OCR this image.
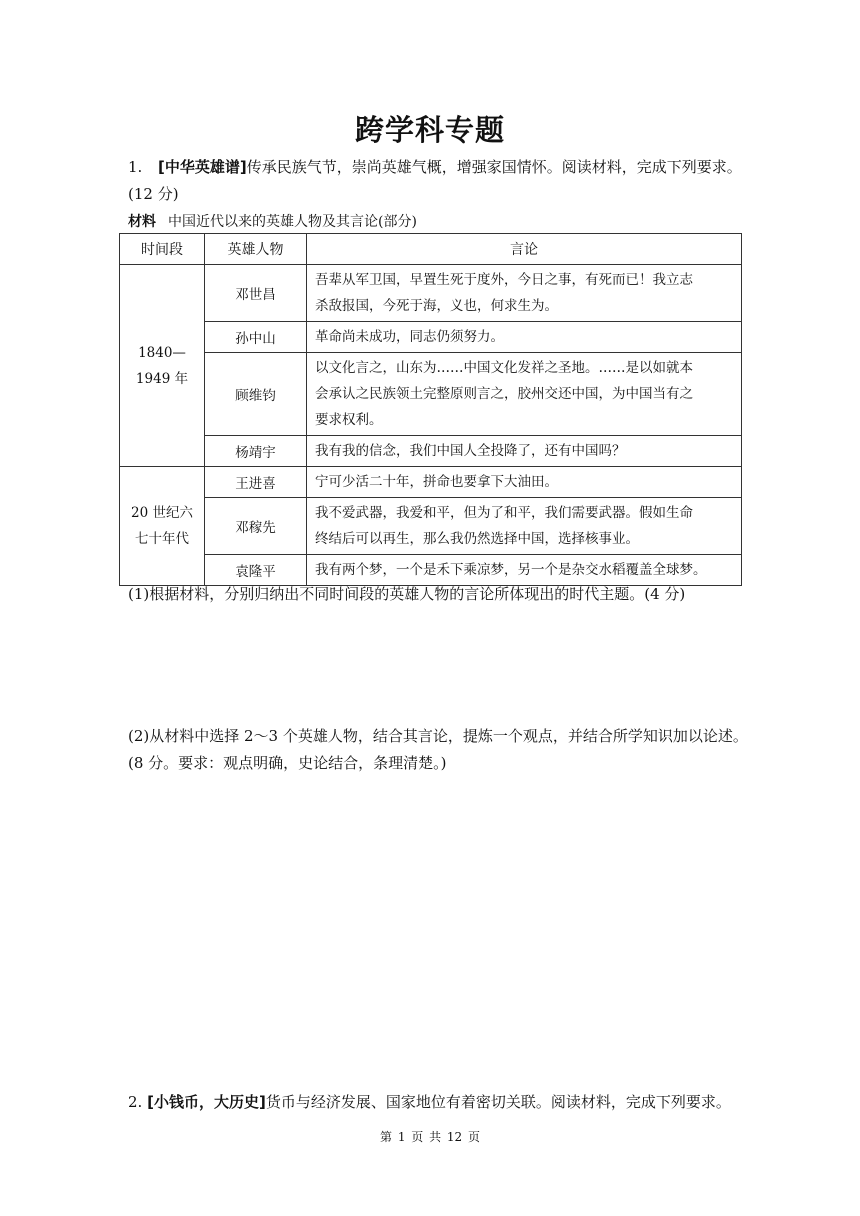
跨学科专题
1. [中华英雄谱]传承民族气节，崇尚英雄气概，增强家国情怀。阅读材料，完成下列要求。
(12 分)
材料 中国近代以来的英雄人物及其言论(部分)
时间段	英雄人物	言论
1840—
1949 年	邓世昌	吾辈从军卫国，早置生死于度外，今日之事，有死而已！我立志
杀敌报国，今死于海，义也，何求生为。
	孙中山	革命尚未成功，同志仍须努力。
	顾维钧	以文化言之，山东为……中国文化发祥之圣地。……是以如就本
会承认之民族领土完整原则言之，胶州交还中国，为中国当有之
要求权利。
	杨靖宇	我有我的信念，我们中国人全投降了，还有中国吗？
20 世纪六
七十年代	王进喜	宁可少活二十年，拼命也要拿下大油田。
	邓稼先	我不爱武器，我爱和平，但为了和平，我们需要武器。假如生命
终结后可以再生，那么我仍然选择中国，选择核事业。
	袁隆平	我有两个梦，一个是禾下乘凉梦，另一个是杂交水稻覆盖全球梦。
(1)根据材料，分别归纳出不同时间段的英雄人物的言论所体现出的时代主题。(4 分)
(2)从材料中选择 2～3 个英雄人物，结合其言论，提炼一个观点，并结合所学知识加以论述。
(8 分。要求：观点明确，史论结合，条理清楚。)
2. [小钱币，大历史]货币与经济发展、国家地位有着密切关联。阅读材料，完成下列要求。
第 1 页 共 12 页
